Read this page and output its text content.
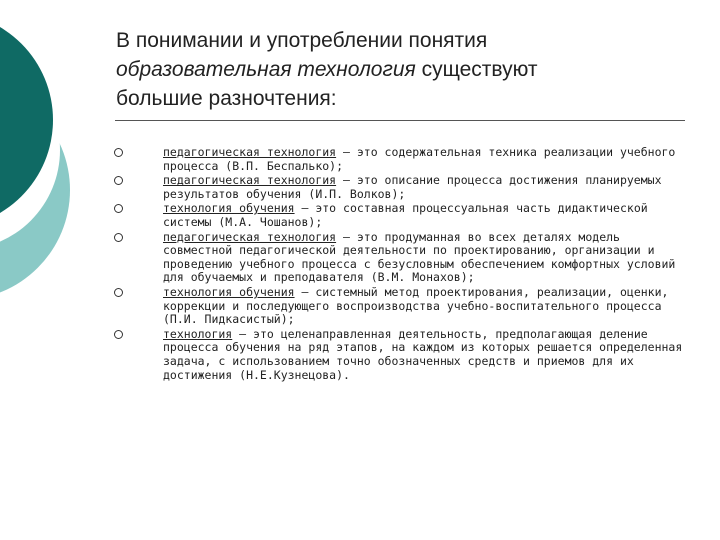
В понимании и употреблении понятия
образовательная технология существуют
большие разночтения:
педагогическая технология – это содержательная техника реализации учебного процесса (В.П. Беспалько);
педагогическая технология – это описание процесса достижения планируемых результатов обучения (И.П. Волков);
технология обучения – это составная процессуальная часть дидактической системы (М.А. Чошанов);
педагогическая технология – это продуманная во всех деталях модель совместной педагогической деятельности по проектированию, организации и проведению учебного процесса с безусловным обеспечением комфортных условий для обучаемых и преподавателя (В.М. Монахов);
технология обучения – системный метод проектирования, реализации, оценки, коррекции и последующего воспроизводства учебно-воспитательного процесса (П.И. Пидкасистый);
технология – это целенаправленная деятельность, предполагающая деление процесса обучения на ряд этапов, на каждом из которых решается определенная задача, с использованием точно обозначенных средств и приемов для их достижения (Н.Е.Кузнецова).
